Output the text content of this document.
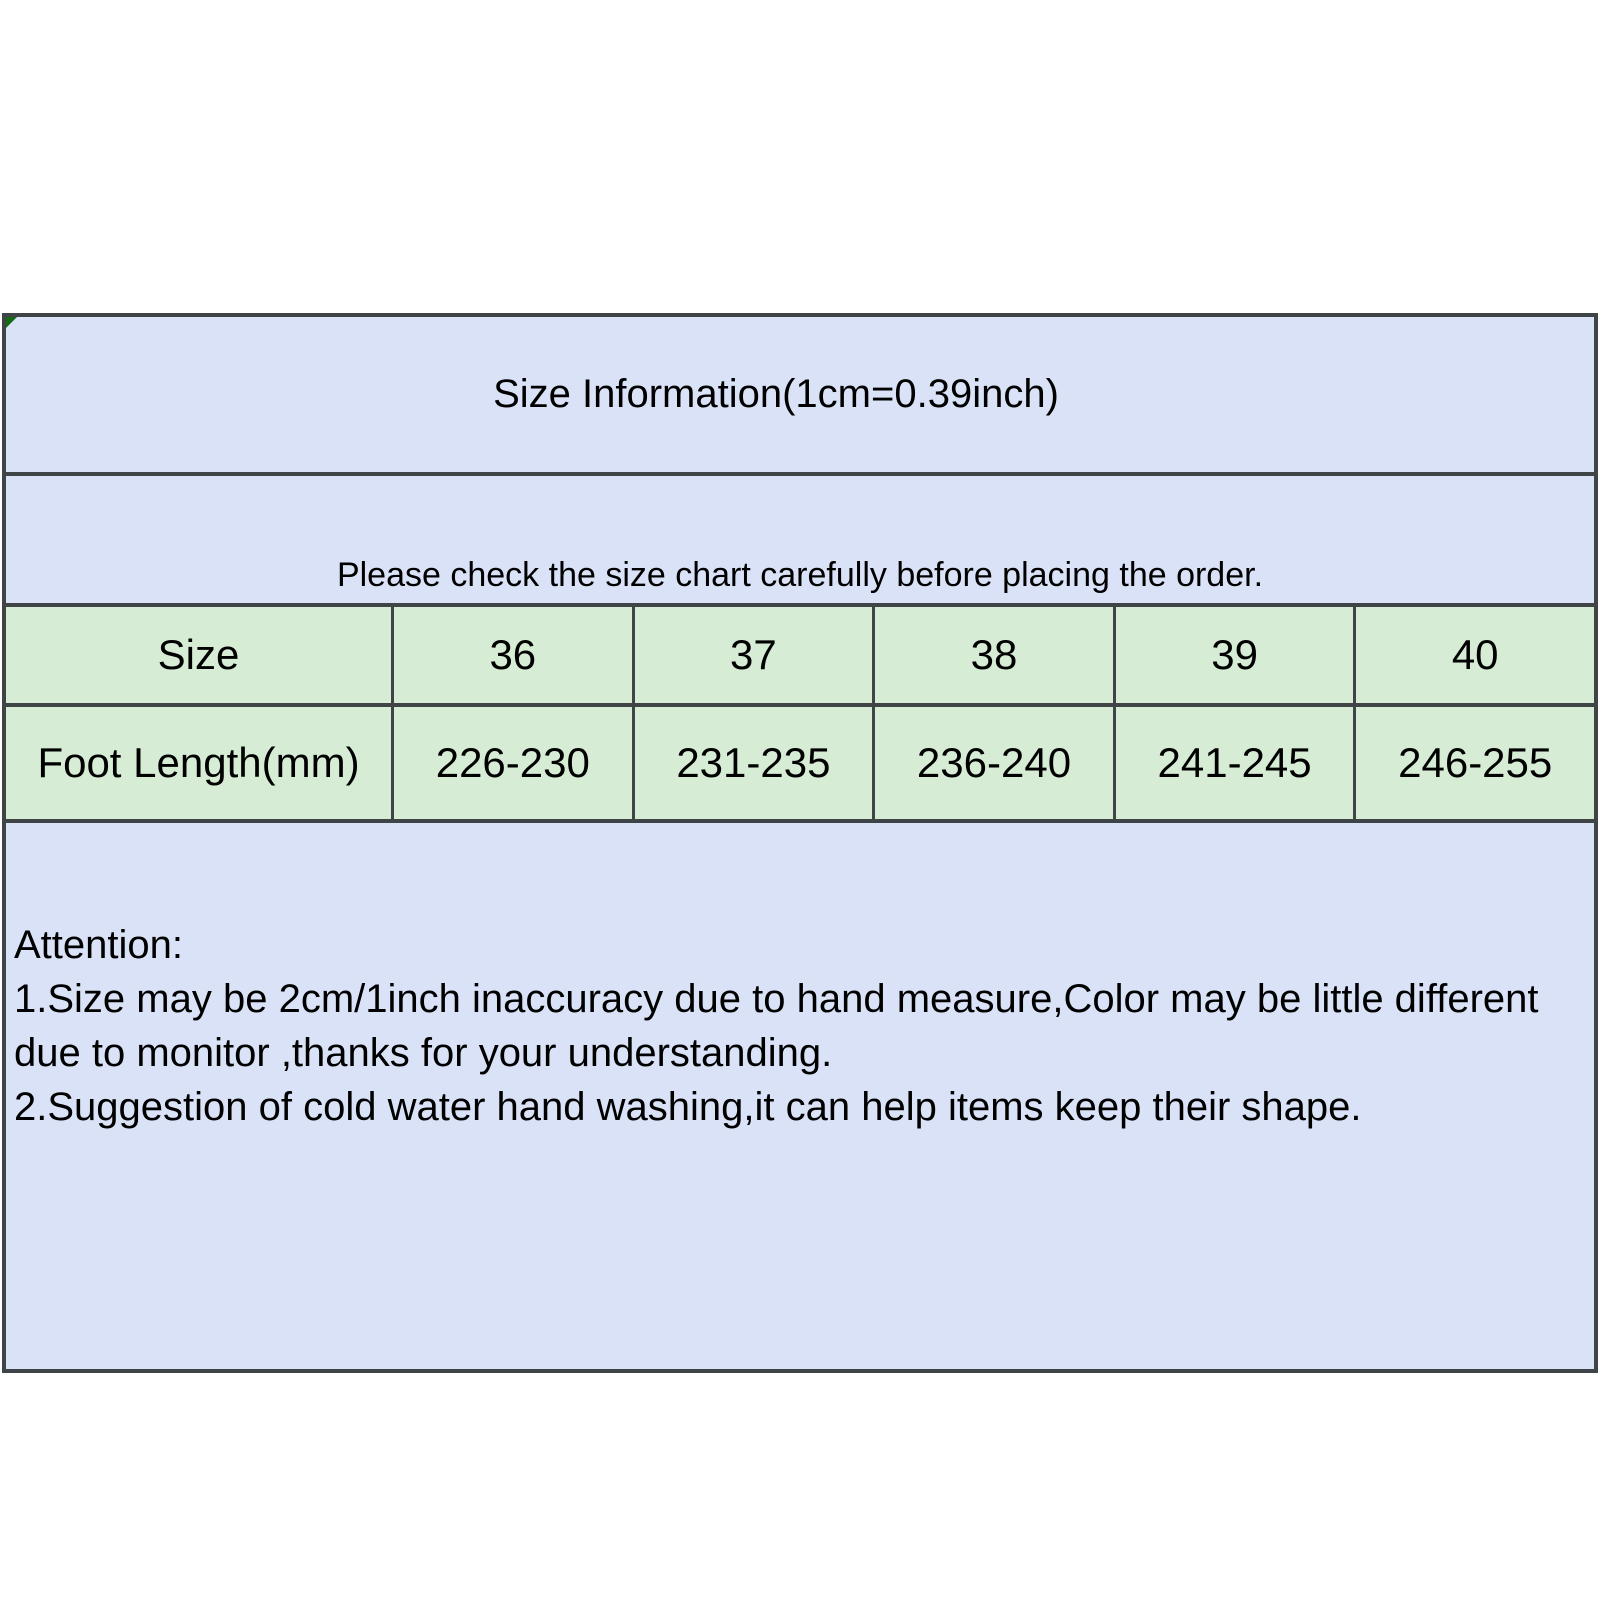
Size Information(1cm=0.39inch)
Please check the size chart carefully before placing the order.
Size	36	37	38	39	40
Foot Length(mm) 226-230 231-235 236-240 241-245 246-255

Attention:

1.Size may be 2cm/1inch inaccuracy due to hand measure,Color may be little different due to monitor ,thanks for your understanding.

2.Suggestion of cold water hand washing,it can help items keep their shape.
